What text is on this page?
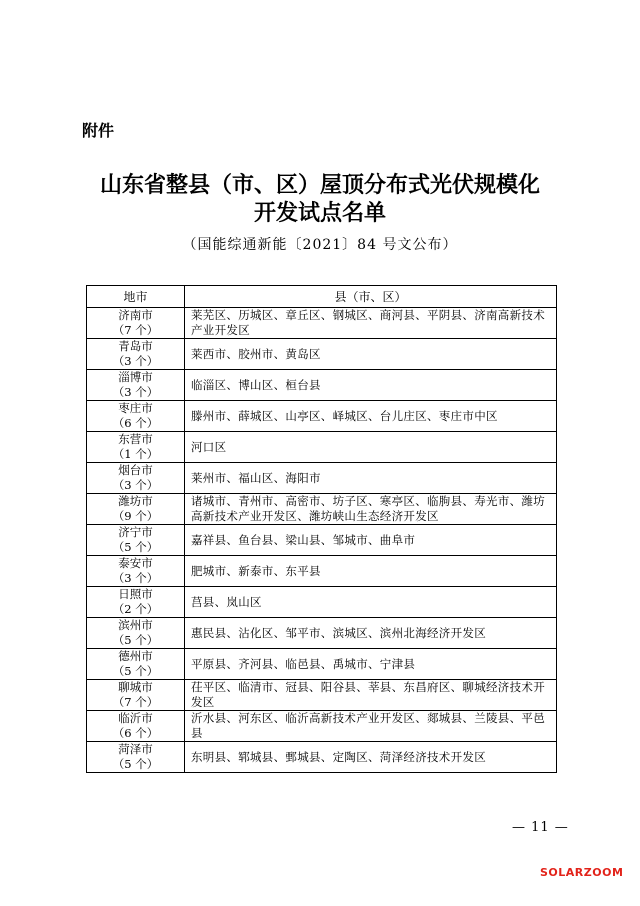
附件
山东省整县（市、区）屋顶分布式光伏规模化
开发试点名单
（国能综通新能〔2021〕84 号文公布）
地市	县（市、区）

济南市
（7 个）	莱芜区、历城区、章丘区、钢城区、商河县、平阴县、济南高新技术产业开发区

青岛市
（3 个）	莱西市、胶州市、黄岛区

淄博市
（3 个）	临淄区、博山区、桓台县

枣庄市
（6 个）	滕州市、薛城区、山亭区、峄城区、台儿庄区、枣庄市中区

东营市
（1 个）	河口区

烟台市
（3 个）	莱州市、福山区、海阳市

潍坊市
（9 个）	诸城市、青州市、高密市、坊子区、寒亭区、临朐县、寿光市、潍坊高新技术产业开发区、潍坊峡山生态经济开发区

济宁市
（5 个）	嘉祥县、鱼台县、梁山县、邹城市、曲阜市

泰安市
（3 个）	肥城市、新泰市、东平县

日照市
（2 个）	莒县、岚山区

滨州市
（5 个）	惠民县、沾化区、邹平市、滨城区、滨州北海经济开发区

德州市
（5 个）	平原县、齐河县、临邑县、禹城市、宁津县

聊城市
（7 个）	茌平区、临清市、冠县、阳谷县、莘县、东昌府区、聊城经济技术开发区

临沂市
（6 个）	沂水县、河东区、临沂高新技术产业开发区、郯城县、兰陵县、平邑县

菏泽市
（5 个）	东明县、郓城县、鄄城县、定陶区、菏泽经济技术开发区
— 11 —
SOLARZOOM
